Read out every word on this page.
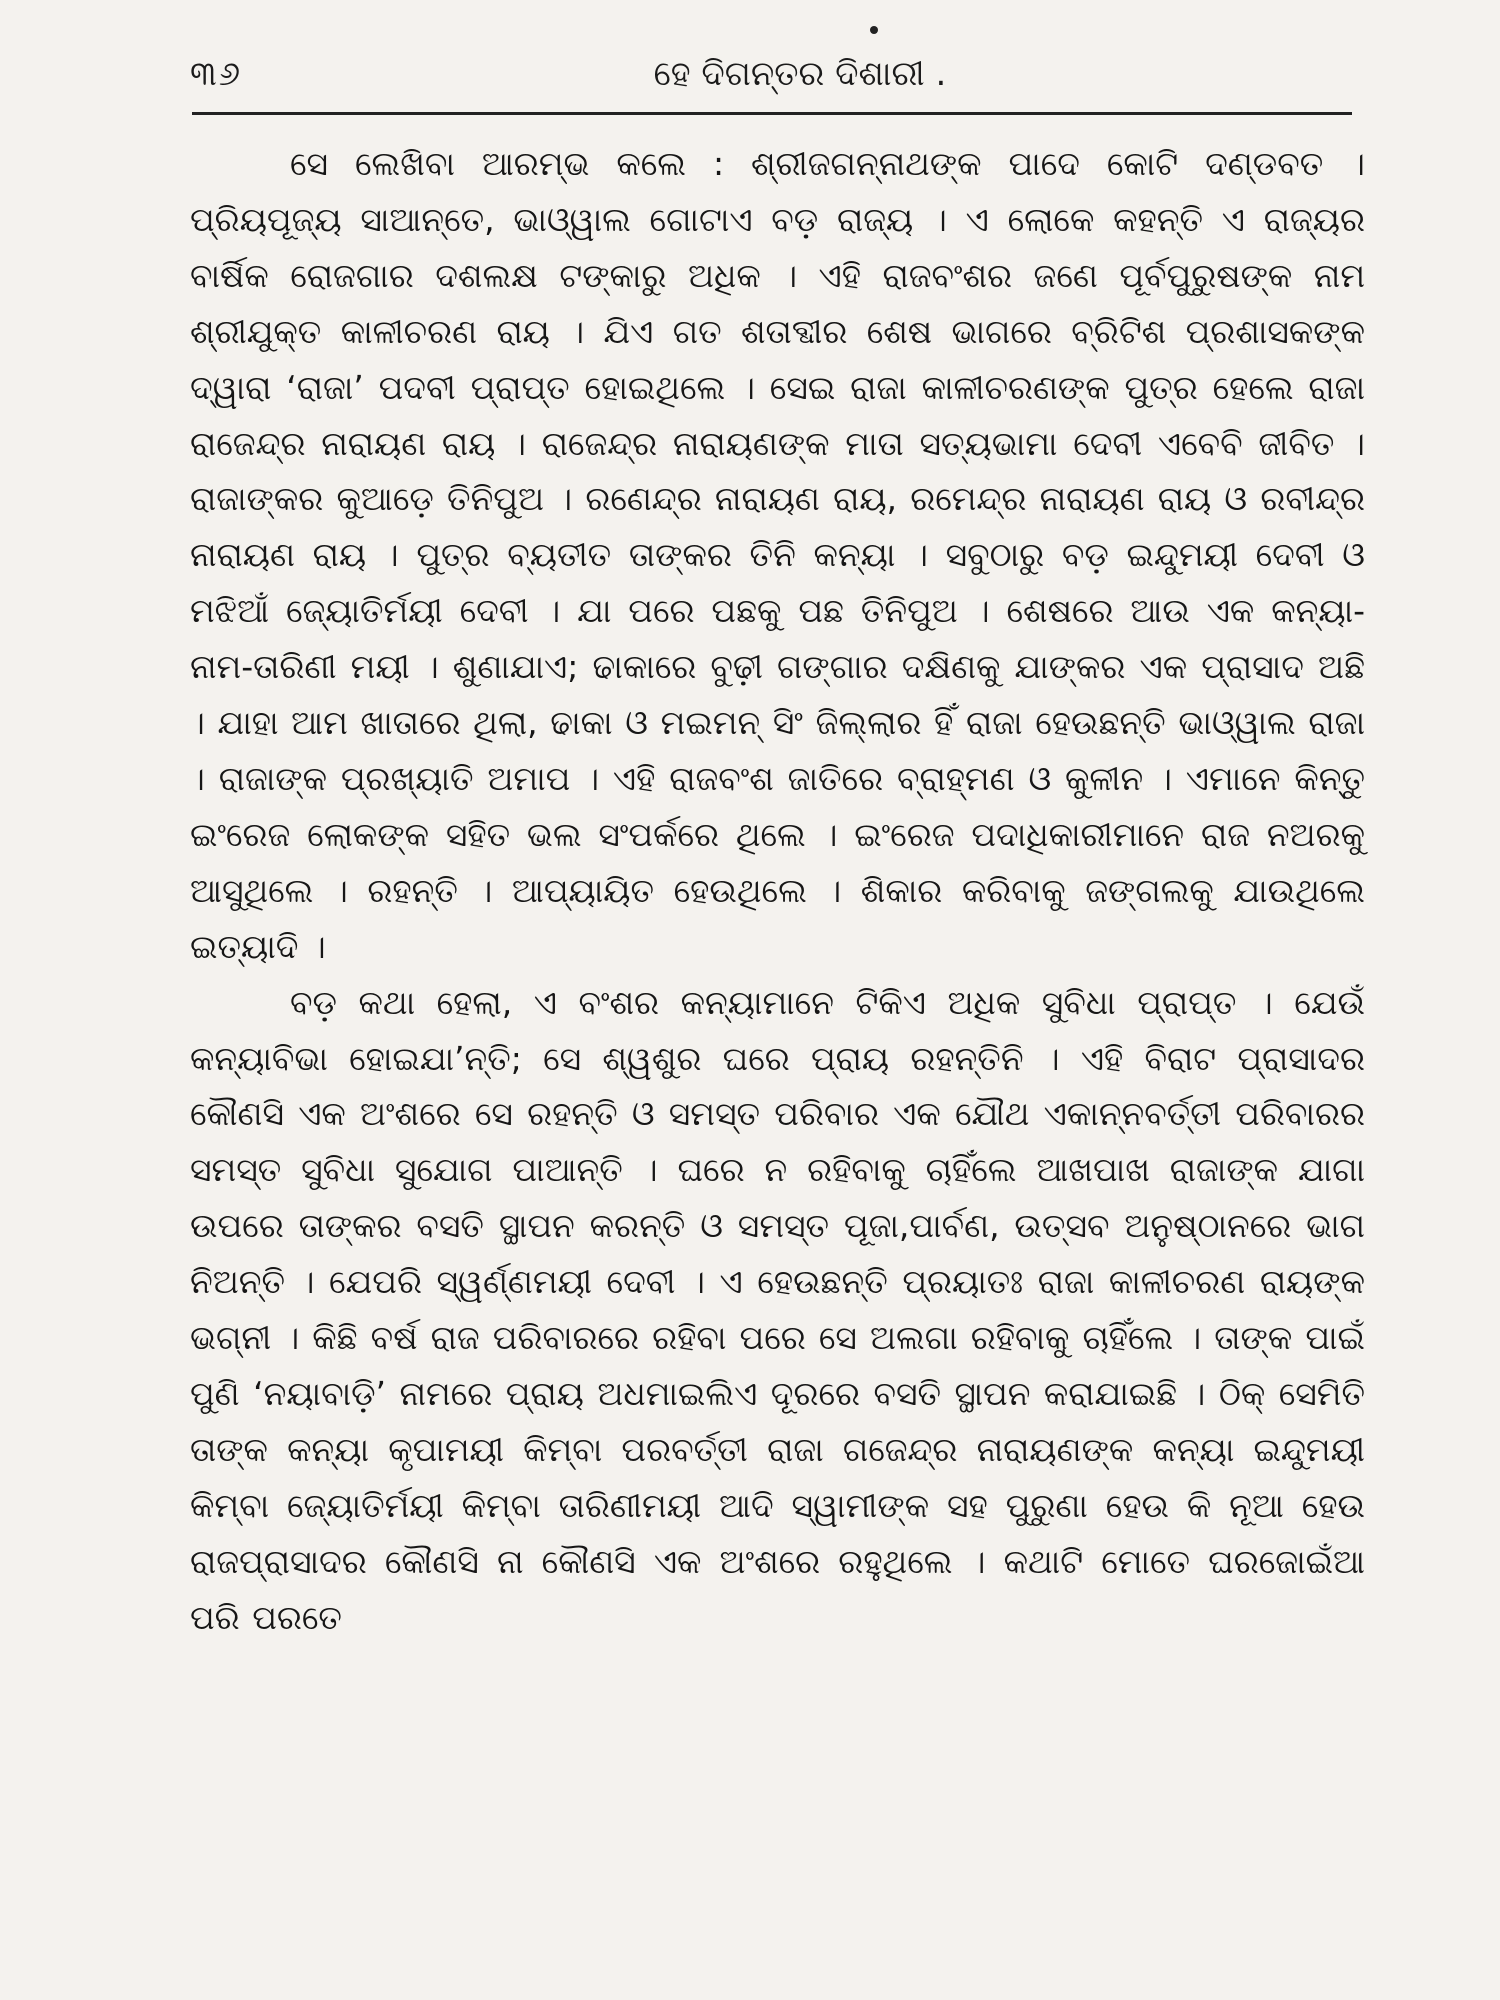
୩୬	ହେ ଦିଗନ୍ତର ଦିଶାରୀ .

ସେ ଲେଖିବା ଆରମ୍ଭ କଲେ : ଶ୍ରୀଜଗନ୍ନାଥଙ୍କ ପାଦେ କୋଟି ଦଣ୍ଡବତ । ପ୍ରିୟପୂଜ୍ୟ ସାଆନ୍ତେ, ଭାଓ୍ୱାଲ ଗୋଟାଏ ବଡ଼ ରାଜ୍ୟ । ଏ ଲୋକେ କହନ୍ତି ଏ ରାଜ୍ୟର ବାର୍ଷିକ ରୋଜଗାର ଦଶଲକ୍ଷ ଟଙ୍କାରୁ ଅଧିକ । ଏହି ରାଜବଂଶର ଜଣେ ପୂର୍ବପୁରୁଷଙ୍କ ନାମ ଶ୍ରୀଯୁକ୍ତ କାଳୀଚରଣ ରାୟ । ଯିଏ ଗତ ଶତାବ୍ଦୀର ଶେଷ ଭାଗରେ ବ୍ରିଟିଶ ପ୍ରଶାସକଙ୍କ ଦ୍ୱାରା ‘ରାଜା’ ପଦବୀ ପ୍ରାପ୍ତ ହୋଇଥିଲେ । ସେଇ ରାଜା କାଳୀଚରଣଙ୍କ ପୁତ୍ର ହେଲେ ରାଜା ରାଜେନ୍ଦ୍ର ନାରାୟଣ ରାୟ । ରାଜେନ୍ଦ୍ର ନାରାୟଣଙ୍କ ମାତା ସତ୍ୟଭାମା ଦେବୀ ଏବେବି ଜୀବିତ । ରାଜାଙ୍କର କୁଆଡ଼େ ତିନିପୁଅ । ରଣେନ୍ଦ୍ର ନାରାୟଣ ରାୟ, ରମେନ୍ଦ୍ର ନାରାୟଣ ରାୟ ଓ ରବୀନ୍ଦ୍ର ନାରାୟଣ ରାୟ । ପୁତ୍ର ବ୍ୟତୀତ ତାଙ୍କର ତିନି କନ୍ୟା । ସବୁଠାରୁ ବଡ଼ ଇନ୍ଦୁମୟୀ ଦେବୀ ଓ ମଝିଆଁ ଜ୍ୟୋତିର୍ମୟୀ ଦେବୀ । ଯା ପରେ ପଛକୁ ପଛ ତିନିପୁଅ । ଶେଷରେ ଆଉ ଏକ କନ୍ୟା-ନାମ-ତାରିଣୀ ମୟୀ । ଶୁଣାଯାଏ; ଢାକାରେ ବୁଢ଼ୀ ଗଙ୍ଗାର ଦକ୍ଷିଣକୁ ଯାଙ୍କର ଏକ ପ୍ରାସାଦ ଅଛି । ଯାହା ଆମ ଖାତାରେ ଥିଲା, ଢାକା ଓ ମଇମନ୍ ସିଂ ଜିଲ୍ଲାର ହିଁ ରାଜା ହେଉଛନ୍ତି ଭାଓ୍ୱାଲ ରାଜା । ରାଜାଙ୍କ ପ୍ରଖ୍ୟାତି ଅମାପ । ଏହି ରାଜବଂଶ ଜାତିରେ ବ୍ରାହ୍ମଣ ଓ କୁଳୀନ । ଏମାନେ କିନ୍ତୁ ଇଂରେଜ ଲୋକଙ୍କ ସହିତ ଭଲ ସଂପର୍କରେ ଥିଲେ । ଇଂରେଜ ପଦାଧିକାରୀମାନେ ରାଜ ନଅରକୁ ଆସୁଥିଲେ । ରହନ୍ତି । ଆପ୍ୟାୟିତ ହେଉଥିଲେ । ଶିକାର କରିବାକୁ ଜଙ୍ଗଲକୁ ଯାଉଥିଲେ ଇତ୍ୟାଦି ।

ବଡ଼ କଥା ହେଲା, ଏ ବଂଶର କନ୍ୟାମାନେ ଟିକିଏ ଅଧିକ ସୁବିଧା ପ୍ରାପ୍ତ । ଯେଉଁ କନ୍ୟାବିଭା ହୋଇଯା’ନ୍ତି; ସେ ଶ୍ୱଶୁର ଘରେ ପ୍ରାୟ ରହନ୍ତିନି । ଏହି ବିରାଟ ପ୍ରାସାଦର କୌଣସି ଏକ ଅଂଶରେ ସେ ରହନ୍ତି ଓ ସମସ୍ତ ପରିବାର ଏକ ଯୌଥ ଏକାନ୍ନବର୍ତ୍ତୀ ପରିବାରର ସମସ୍ତ ସୁବିଧା ସୁଯୋଗ ପାଆନ୍ତି । ଘରେ ନ ରହିବାକୁ ଚାହିଁଲେ ଆଖପାଖ ରାଜାଙ୍କ ଯାଗା ଉପରେ ତାଙ୍କର ବସତି ସ୍ଥାପନ କରନ୍ତି ଓ ସମସ୍ତ ପୂଜା,ପାର୍ବଣ, ଉତ୍ସବ ଅନୁଷ୍ଠାନରେ ଭାଗ ନିଅନ୍ତି । ଯେପରି ସ୍ୱର୍ଣ୍ଣମୟୀ ଦେବୀ । ଏ ହେଉଛନ୍ତି ପ୍ରୟାତଃ ରାଜା କାଳୀଚରଣ ରାୟଙ୍କ ଭଗ୍ନୀ । କିଛି ବର୍ଷ ରାଜ ପରିବାରରେ ରହିବା ପରେ ସେ ଅଲଗା ରହିବାକୁ ଚାହିଁଲେ । ତାଙ୍କ ପାଇଁ ପୁଣି ‘ନୟାବାଡ଼ି’ ନାମରେ ପ୍ରାୟ ଅଧମାଇଲିଏ ଦୂରରେ ବସତି ସ୍ଥାପନ କରାଯାଇଛି । ଠିକ୍ ସେମିତି ତାଙ୍କ କନ୍ୟା କୃପାମୟୀ କିମ୍ବା ପରବର୍ତ୍ତୀ ରାଜା ଗଜେନ୍ଦ୍ର ନାରାୟଣଙ୍କ କନ୍ୟା ଇନ୍ଦୁମୟୀ କିମ୍ବା ଜ୍ୟୋତିର୍ମୟୀ କିମ୍ବା ତାରିଣୀମୟୀ ଆଦି ସ୍ୱାମୀଙ୍କ ସହ ପୁରୁଣା ହେଉ କି ନୂଆ ହେଉ ରାଜପ୍ରାସାଦର କୌଣସି ନା କୌଣସି ଏକ ଅଂଶରେ ରହୁଥିଲେ । କଥାଟି ମୋତେ ଘରଜୋଇଁଆ ପରି ପରତେ
